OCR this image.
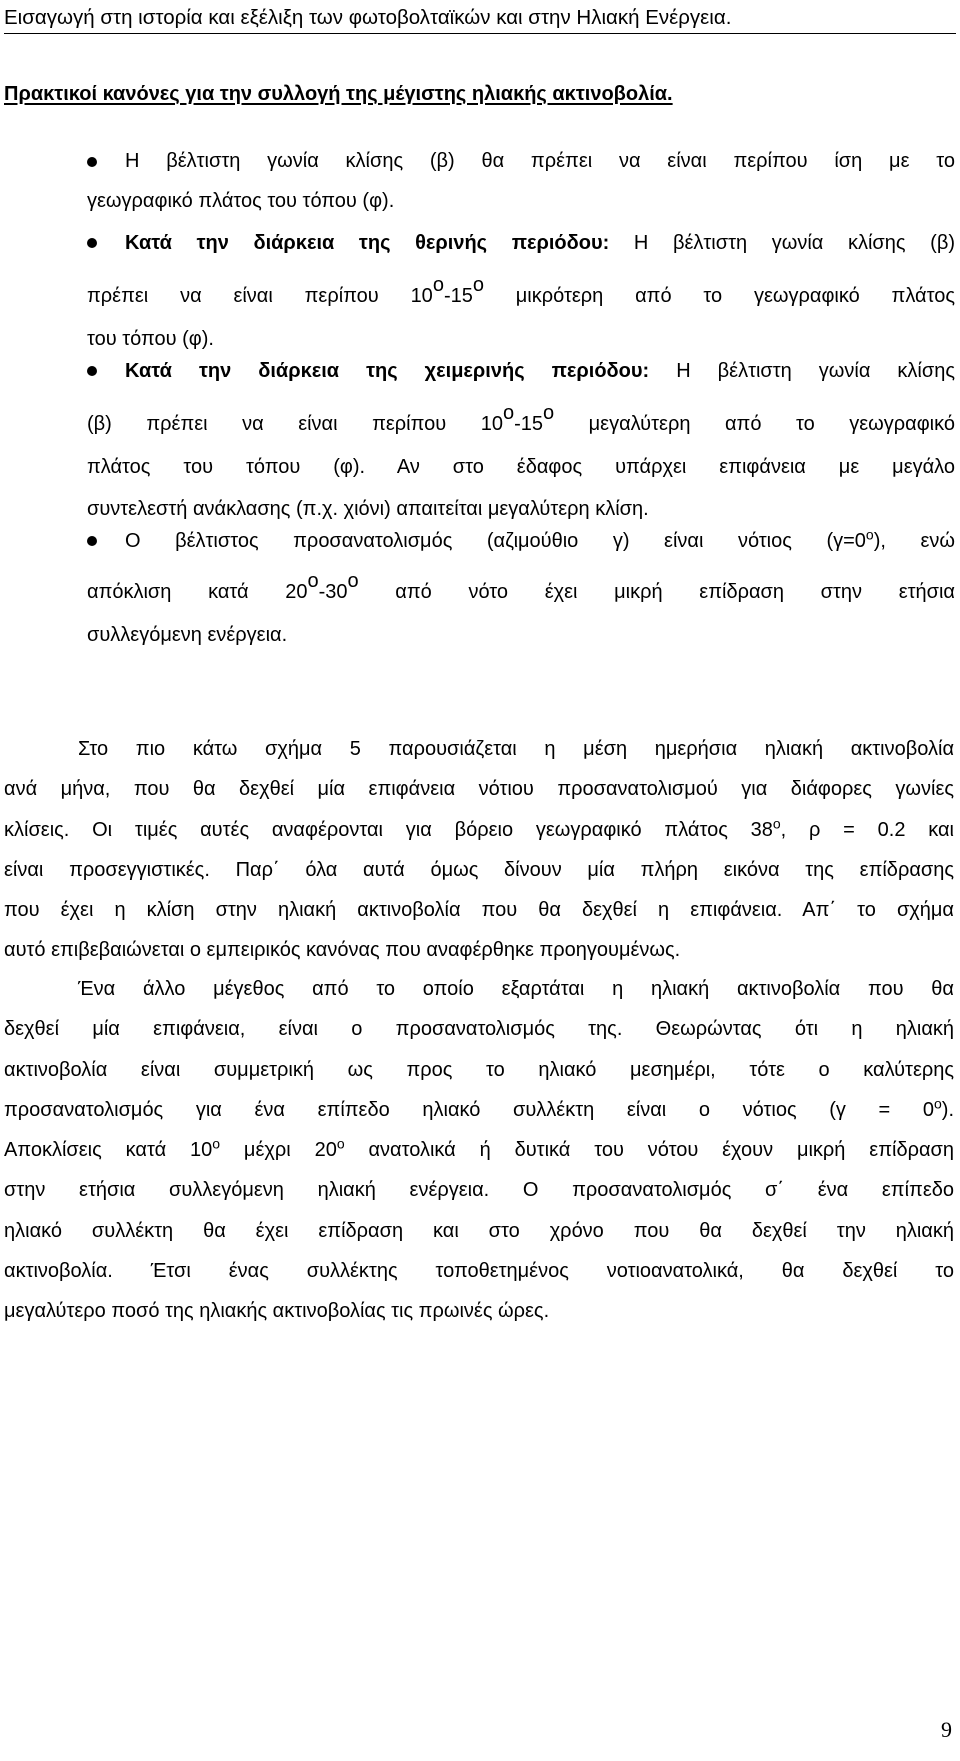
Εισαγωγή στη ιστορία και εξέλιξη των φωτοβολταϊκών και στην Ηλιακή Ενέργεια.
Πρακτικοί κανόνες για την συλλογή της μέγιστης ηλιακής ακτινοβολία.
Η βέλτιστη γωνία κλίσης (β) θα πρέπει να είναι περίπου ίση με το
γεωγραφικό πλάτος του τόπου (φ).
Κατά την διάρκεια της θερινής περιόδου: Η βέλτιστη γωνία κλίσης (β)
πρέπει να είναι περίπου $10^o-15^o$ μικρότερη από το γεωγραφικό πλάτος
του τόπου (φ).
Κατά την διάρκεια της χειμερινής περιόδου: Η βέλτιστη γωνία κλίσης
(β) πρέπει να είναι περίπου $10^o-15^o$ μεγαλύτερη από το γεωγραφικό
πλάτος του τόπου (φ). Αν στο έδαφος υπάρχει επιφάνεια με μεγάλο
συντελεστή ανάκλασης (π.χ. χιόνι) απαιτείται μεγαλύτερη κλίση.
Ο βέλτιστος προσανατολισμός (αζιμούθιο γ) είναι νότιος $(\gamma=0^o)$, ενώ
απόκλιση κατά $20^o-30^o$ από νότο έχει μικρή επίδραση στην ετήσια
συλλεγόμενη ενέργεια.
Στο πιο κάτω σχήμα 5 παρουσιάζεται η μέση ημερήσια ηλιακή ακτινοβολία
ανά μήνα, που θα δεχθεί μία επιφάνεια νότιου προσανατολισμού για διάφορες γωνίες
κλίσεις. Οι τιμές αυτές αναφέρονται για βόρειο γεωγραφικό πλάτος 38$^o$, ρ = 0.2 και
είναι προσεγγιστικές. Παρ΄ όλα αυτά όμως δίνουν μία πλήρη εικόνα της επίδρασης
που έχει η κλίση στην ηλιακή ακτινοβολία που θα δεχθεί η επιφάνεια. Απ΄ το σχήμα
αυτό επιβεβαιώνεται ο εμπειρικός κανόνας που αναφέρθηκε προηγουμένως.
Ένα άλλο μέγεθος από το οποίο εξαρτάται η ηλιακή ακτινοβολία που θα
δεχθεί μία επιφάνεια, είναι ο προσανατολισμός της. Θεωρώντας ότι η ηλιακή
ακτινοβολία είναι συμμετρική ως προς το ηλιακό μεσημέρι, τότε ο καλύτερης
προσανατολισμός για ένα επίπεδο ηλιακό συλλέκτη είναι ο νότιος $(\gamma = 0^o)$.
Αποκλίσεις κατά 10$^o$ μέχρι 20$^o$ ανατολικά ή δυτικά του νότου έχουν μικρή επίδραση
στην ετήσια συλλεγόμενη ηλιακή ενέργεια. Ο προσανατολισμός σ΄ ένα επίπεδο
ηλιακό συλλέκτη θα έχει επίδραση και στο χρόνο που θα δεχθεί την ηλιακή
ακτινοβολία. Έτσι ένας συλλέκτης τοποθετημένος νοτιοανατολικά, θα δεχθεί το
μεγαλύτερο ποσό της ηλιακής ακτινοβολίας τις πρωινές ώρες.
9
